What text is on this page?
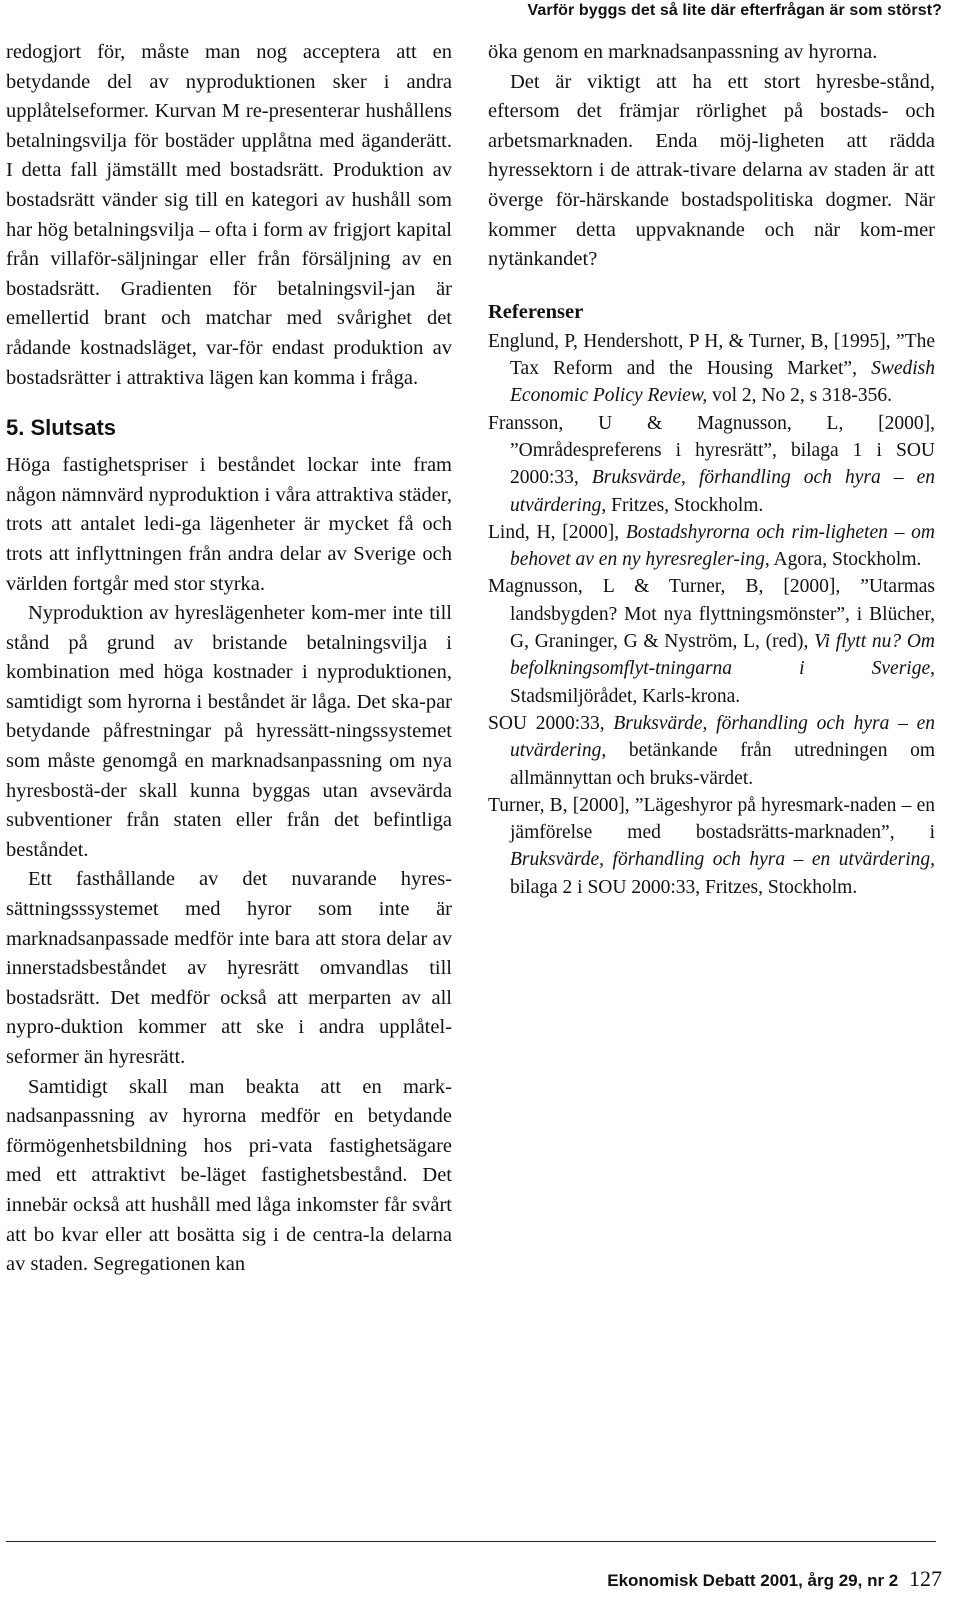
Varför byggs det så lite där efterfrågan är som störst?

redogjort för, måste man nog acceptera att en betydande del av nyproduktionen sker i andra upplåtelseformer. Kurvan M re-presenterar hushållens betalningsvilja för bostäder upplåtna med äganderätt. I detta fall jämställt med bostadsrätt. Produktion av bostadsrätt vänder sig till en kategori av hushåll som har hög betalningsvilja – ofta i form av frigjort kapital från villaför-säljningar eller från försäljning av en bostadsrätt. Gradienten för betalningsvil-jan är emellertid brant och matchar med svårighet det rådande kostnadsläget, var-för endast produktion av bostadsrätter i attraktiva lägen kan komma i fråga.

5. Slutsats

Höga fastighetspriser i beståndet lockar inte fram någon nämnvärd nyproduktion i våra attraktiva städer, trots att antalet ledi-ga lägenheter är mycket få och trots att inflyttningen från andra delar av Sverige och världen fortgår med stor styrka.

Nyproduktion av hyreslägenheter kom-mer inte till stånd på grund av bristande betalningsvilja i kombination med höga kostnader i nyproduktionen, samtidigt som hyrorna i beståndet är låga. Det ska-par betydande påfrestningar på hyressätt-ningssystemet som måste genomgå en marknadsanpassning om nya hyresbostä-der skall kunna byggas utan avsevärda subventioner från staten eller från det befintliga beståndet.

Ett fasthållande av det nuvarande hyres-sättningsssystemet med hyror som inte är marknadsanpassade medför inte bara att stora delar av innerstadsbeståndet av hyresrätt omvandlas till bostadsrätt. Det medför också att merparten av all nypro-duktion kommer att ske i andra upplåtel-seformer än hyresrätt.

Samtidigt skall man beakta att en mark-nadsanpassning av hyrorna medför en betydande förmögenhetsbildning hos pri-vata fastighetsägare med ett attraktivt be-läget fastighetsbestånd. Det innebär också att hushåll med låga inkomster får svårt att bo kvar eller att bosätta sig i de centra-la delarna av staden. Segregationen kan

öka genom en marknadsanpassning av hyrorna.

Det är viktigt att ha ett stort hyresbe-stånd, eftersom det främjar rörlighet på bostads- och arbetsmarknaden. Enda möj-ligheten att rädda hyressektorn i de attrak-tivare delarna av staden är att överge för-härskande bostadspolitiska dogmer. När kommer detta uppvaknande och när kom-mer nytänkandet?

Referenser

Englund, P, Hendershott, P H, & Turner, B, [1995], ”The Tax Reform and the Housing Market”, Swedish Economic Policy Review, vol 2, No 2, s 318-356.

Fransson, U & Magnusson, L, [2000], ”Områdespreferens i hyresrätt”, bilaga 1 i SOU 2000:33, Bruksvärde, förhandling och hyra – en utvärdering, Fritzes, Stockholm.

Lind, H, [2000], Bostadshyrorna och rim-ligheten – om behovet av en ny hyresregler-ing, Agora, Stockholm.

Magnusson, L & Turner, B, [2000], ”Utarmas landsbygden? Mot nya flyttningsmönster”, i Blücher, G, Graninger, G & Nyström, L, (red), Vi flytt nu? Om befolkningsomflyt-tningarna i Sverige, Stadsmiljörådet, Karls-krona.

SOU 2000:33, Bruksvärde, förhandling och hyra – en utvärdering, betänkande från utredningen om allmännyttan och bruks-värdet.

Turner, B, [2000], ”Lägeshyror på hyresmark-naden – en jämförelse med bostadsrätts-marknaden”, i Bruksvärde, förhandling och hyra – en utvärdering, bilaga 2 i SOU 2000:33, Fritzes, Stockholm.

Ekonomisk Debatt 2001, årg 29, nr 2 127
